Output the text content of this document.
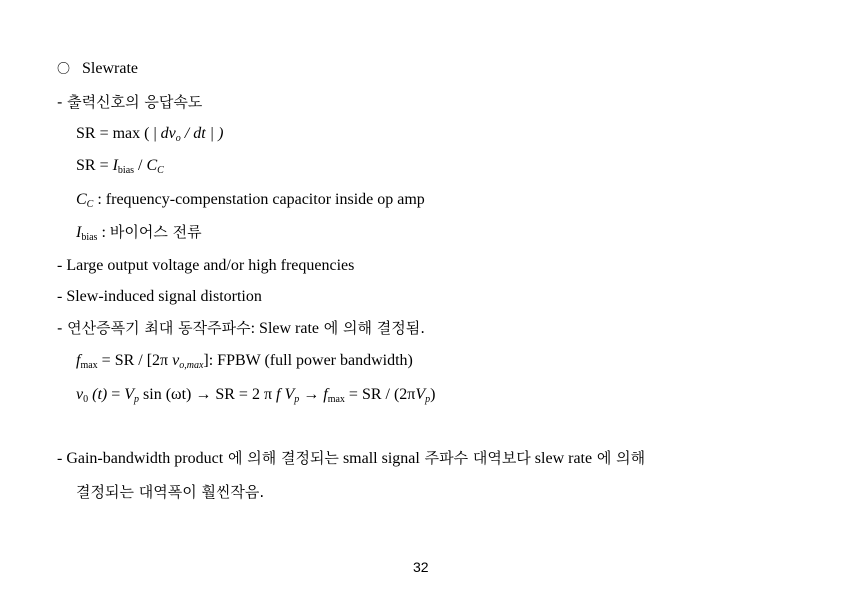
〇 Slewrate
- 출력신호의 응답속도
SR = max ( | $dv_o$ / dt | )
SR = $I_{bias} / C_C$
$C_C$ : frequency-compenstation capacitor inside op amp
$I_{bias}$ : 바이어스 전류
- Large output voltage and/or high frequencies
- Slew-induced signal distortion
- 연산증폭기 최대 동작주파수: Slew rate 에 의해 결정됨.
$f_{max}$ = SR / [2π $v_{o,max}$]: FPBW (full power bandwidth)
$v_0$ $(t) = V_p$ sin (ωt) → SR = 2 π f $V_p \to f_{max}$ = SR / $(2\pi V_p)$
- Gain-bandwidth product 에 의해 결정되는 small signal 주파수 대역보다 slew rate 에 의해
결정되는 대역폭이 훨씬작음.
32
